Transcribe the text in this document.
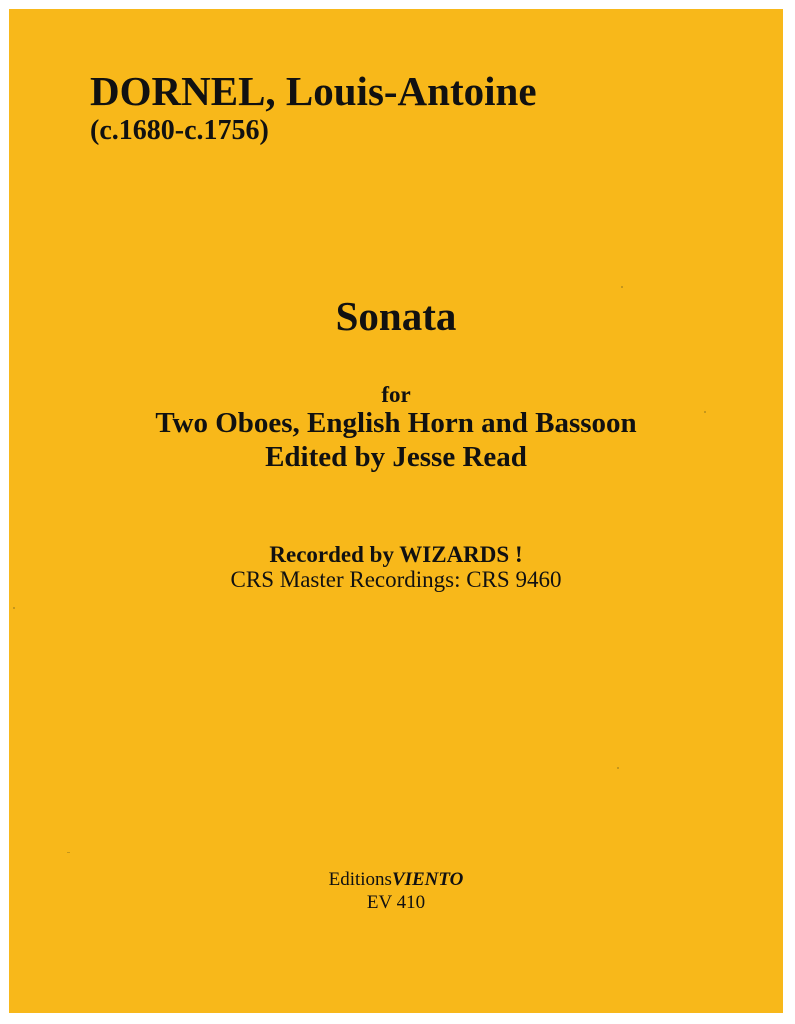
DORNEL, Louis-Antoine
(c.1680-c.1756)
Sonata
for
Two Oboes, English Horn and Bassoon
Edited by Jesse Read
Recorded by WIZARDS !
CRS Master Recordings: CRS 9460
EditionsVIENTO
EV 410
